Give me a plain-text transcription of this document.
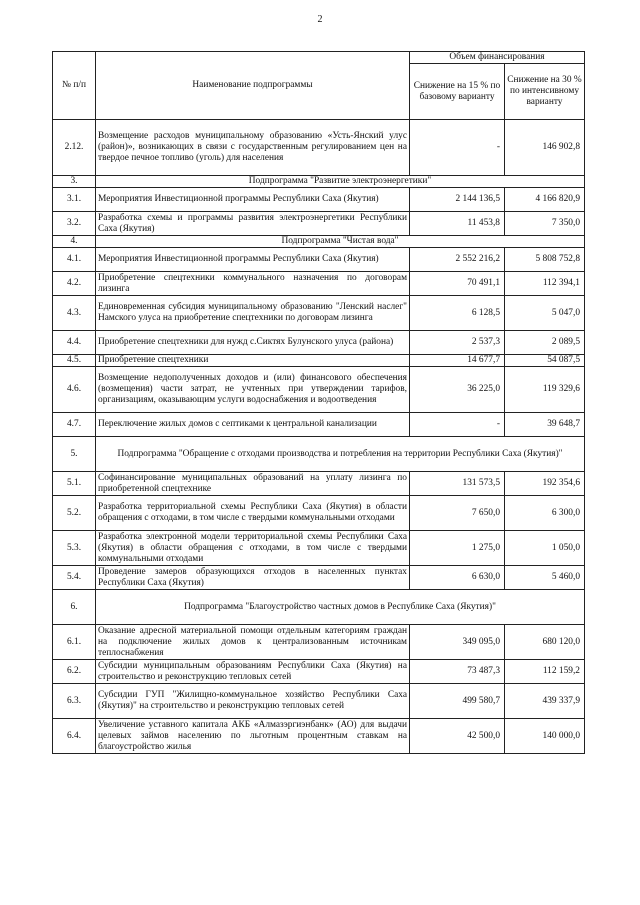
2
№ п/п	Наименование подпрограммы	Объем финансирования	
		Снижение на 15 % по базовому варианту	Снижение на 30 % по интенсивному варианту
2.12.	Возмещение расходов муниципальному образованию «Усть-Янский улус (район)», возникающих в связи с государственным регулированием цен на твердое печное топливо (уголь) для населения	-	146 902,8
3.	Подпрограмма "Развитие электроэнергетики"		
3.1.	Мероприятия Инвестиционной программы Республики Саха (Якутия)	2 144 136,5	4 166 820,9
3.2.	Разработка схемы и программы развития электроэнергетики Республики Саха (Якутия)	11 453,8	7 350,0
4.	Подпрограмма "Чистая вода"		
4.1.	Мероприятия Инвестиционной программы Республики Саха (Якутия)	2 552 216,2	5 808 752,8
4.2.	Приобретение спецтехники коммунального назначения по договорам лизинга	70 491,1	112 394,1
4.3.	Единовременная субсидия муниципальному образованию "Ленский наслег" Намского улуса на приобретение спецтехники по договорам лизинга	6 128,5	5 047,0
4.4.	Приобретение спецтехники для нужд с.Сиктях Булунского улуса (района)	2 537,3	2 089,5
4.5.	Приобретение спецтехники	14 677,7	54 087,5
4.6.	Возмещение недополученных доходов и (или) финансового обеспечения (возмещения) части затрат, не учтенных при утверждении тарифов, организациям, оказывающим услуги водоснабжения и водоотведения	36 225,0	119 329,6
4.7.	Переключение жилых домов с септиками к центральной канализации	-	39 648,7
5.	Подпрограмма "Обращение с отходами производства и потребления на территории Республики Саха (Якутия)"		
5.1.	Софинансирование муниципальных образований на уплату лизинга по приобретенной спецтехнике	131 573,5	192 354,6
5.2.	Разработка территориальной схемы Республики Саха (Якутия) в области обращения с отходами, в том числе с твердыми коммунальными отходами	7 650,0	6 300,0
5.3.	Разработка электронной модели территориальной схемы Республики Саха (Якутия) в области обращения с отходами, в том числе с твердыми коммунальными отходами	1 275,0	1 050,0
5.4.	Проведение замеров образующихся отходов в населенных пунктах Республики Саха (Якутия)	6 630,0	5 460,0
6.	Подпрограмма "Благоустройство частных домов в Республике Саха (Якутия)"		
6.1.	Оказание адресной материальной помощи отдельным категориям граждан на подключение жилых домов к централизованным источникам теплоснабжения	349 095,0	680 120,0
6.2.	Субсидии муниципальным образованиям Республики Саха (Якутия) на строительство и реконструкцию тепловых сетей	73 487,3	112 159,2
6.3.	Субсидии ГУП "Жилищно-коммунальное хозяйство Республики Саха (Якутия)" на строительство и реконструкцию тепловых сетей	499 580,7	439 337,9
6.4.	Увеличение уставного капитала АКБ «Алмазэргиэнбанк» (АО) для выдачи целевых займов населению по льготным процентным ставкам на благоустройство жилья	42 500,0	140 000,0
